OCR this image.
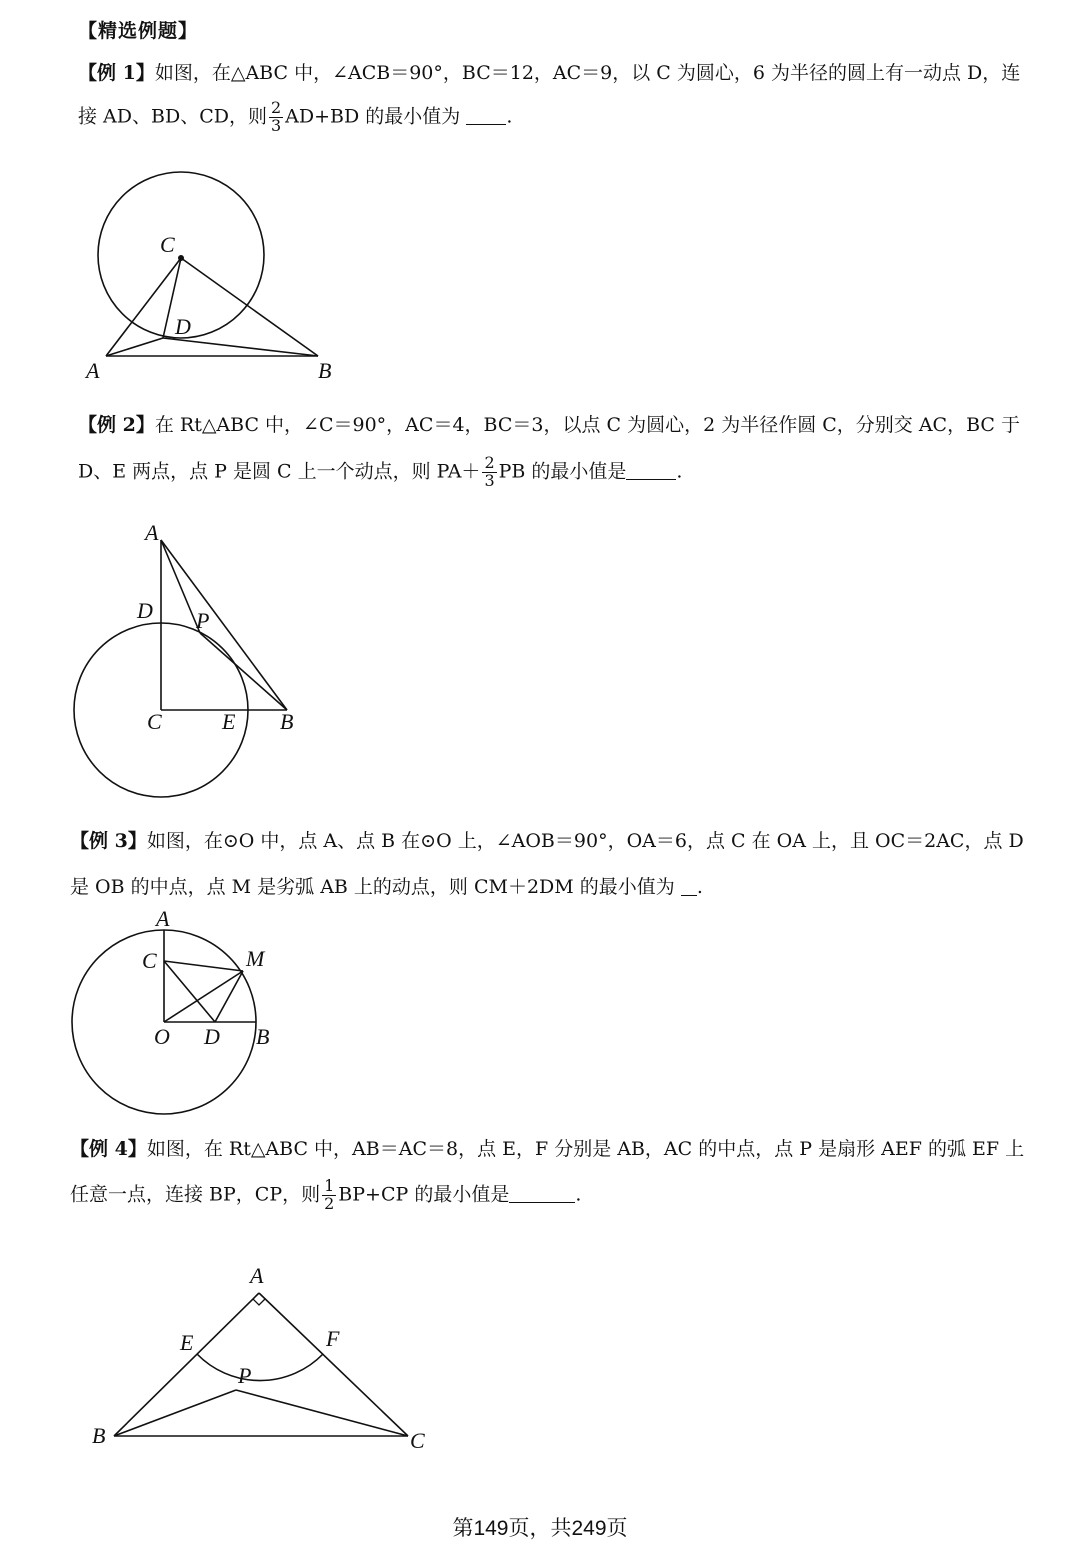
【精选例题】
【例 1】如图，在△ABC 中，∠ACB＝90°，BC＝12，AC＝9，以 C 为圆心，6 为半径的圆上有一动点 D，连
接 AD、BD、CD，则 $\frac{2}{3} AD+BD$ 的最小值为 .
C
D
A	B
【例 2】在 Rt△ABC 中，∠C＝90°，AC＝4，BC＝3，以点 C 为圆心，2 为半径作圆 C，分别交 AC，BC 于
D、E 两点，点 P 是圆 C 上一个动点，则 $PA+ \frac{2}{3}$ PB 的最小值是	.
A
D P
C	E B
【例 3】如图，在⊙O 中，点 A、点 B 在⊙O 上，∠AOB＝90°，OA＝6，点 C 在 OA 上，且 OC＝2AC，点 D
是 OB 的中点，点 M 是劣弧 AB 上的动点，则 CM＋2DM 的最小值为 .
A
C	M
O D B
【例 4】如图，在 Rt△ABC 中，AB＝AC＝8，点 E，F 分别是 AB，AC 的中点，点 P 是扇形 AEF 的弧 EF 上
任意一点，连接 BP，CP，则 $\frac{1}{2} BP+CP$ 的最小值是	.
A
E	F
P
B	C
第149页，共249页
